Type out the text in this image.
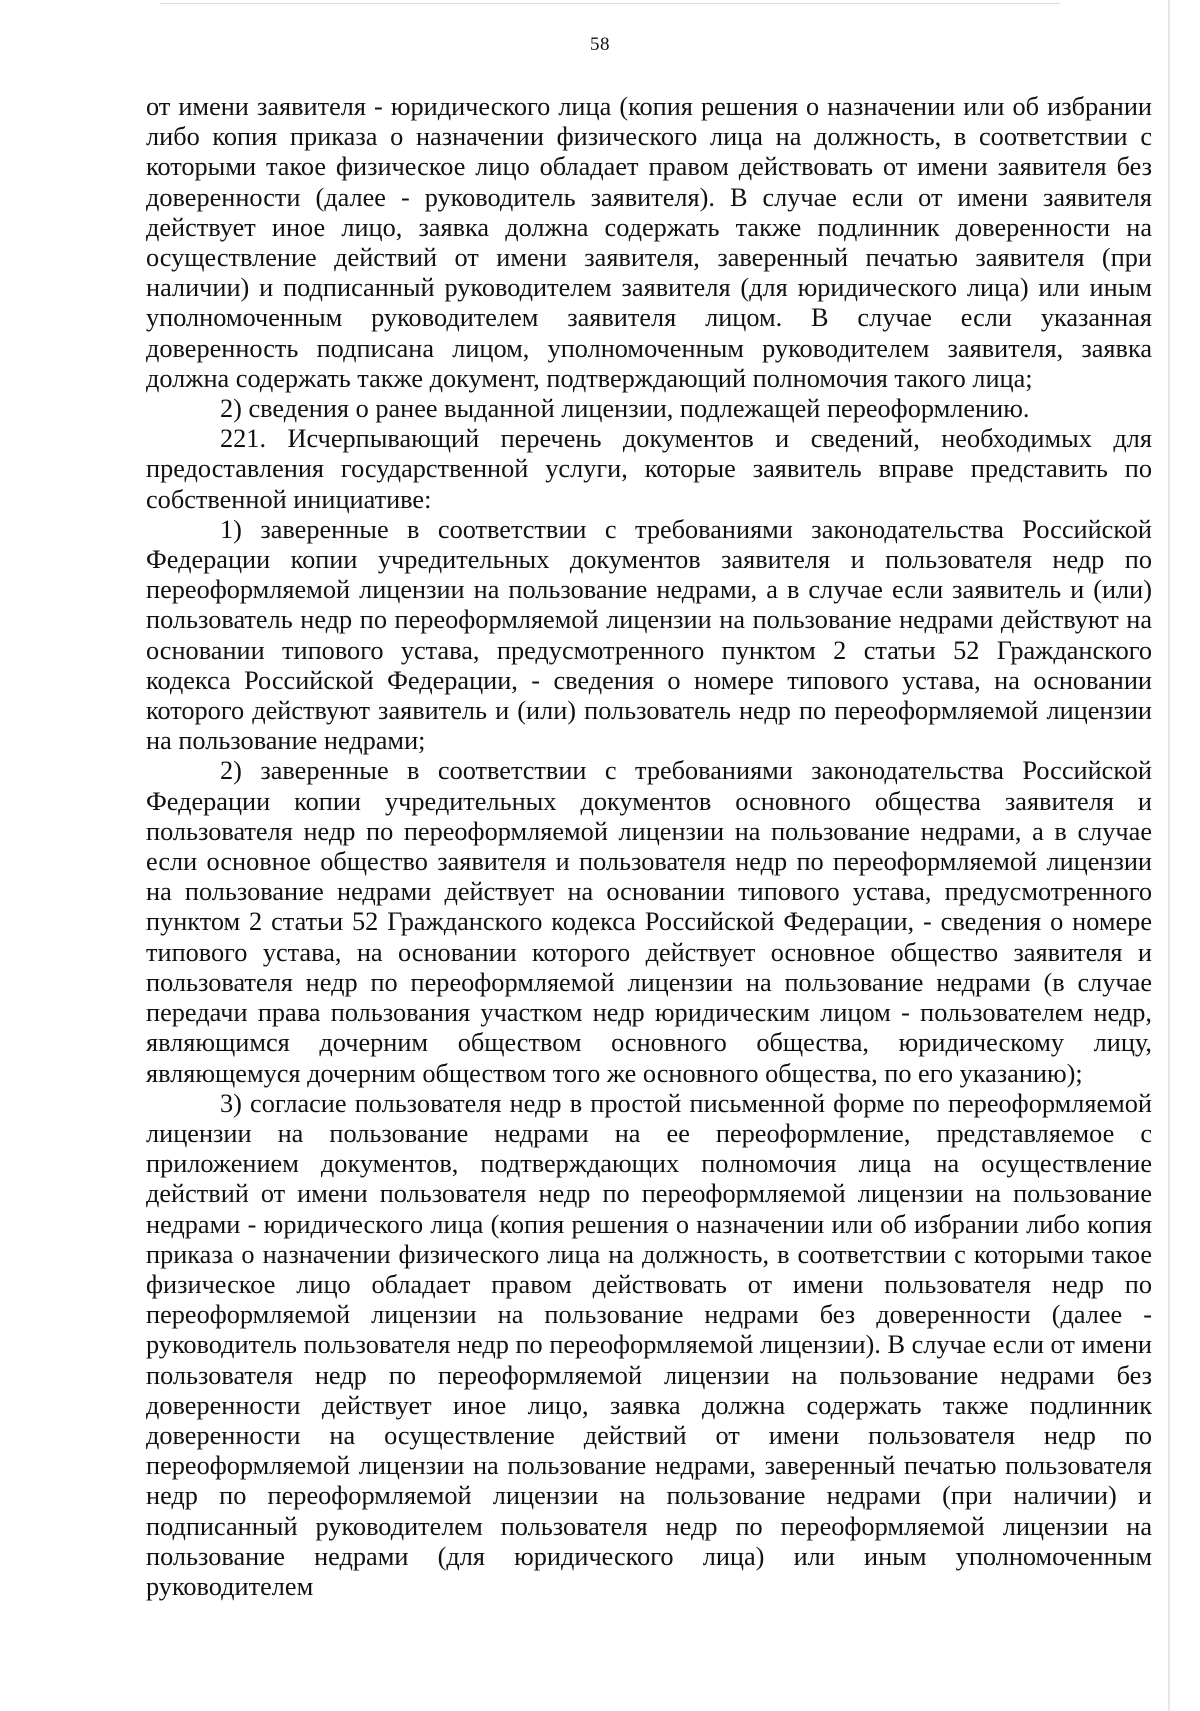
58

от имени заявителя - юридического лица (копия решения о назначении или об избрании либо копия приказа о назначении физического лица на должность, в соответствии с которыми такое физическое лицо обладает правом действовать от имени заявителя без доверенности (далее - руководитель заявителя). В случае если от имени заявителя действует иное лицо, заявка должна содержать также подлинник доверенности на осуществление действий от имени заявителя, заверенный печатью заявителя (при наличии) и подписанный руководителем заявителя (для юридического лица) или иным уполномоченным руководителем заявителя лицом. В случае если указанная доверенность подписана лицом, уполномоченным руководителем заявителя, заявка должна содержать также документ, подтверждающий полномочия такого лица;

2) сведения о ранее выданной лицензии, подлежащей переоформлению.

221. Исчерпывающий перечень документов и сведений, необходимых для предоставления государственной услуги, которые заявитель вправе представить по собственной инициативе:

1) заверенные в соответствии с требованиями законодательства Российской Федерации копии учредительных документов заявителя и пользователя недр по переоформляемой лицензии на пользование недрами, а в случае если заявитель и (или) пользователь недр по переоформляемой лицензии на пользование недрами действуют на основании типового устава, предусмотренного пунктом 2 статьи 52 Гражданского кодекса Российской Федерации, - сведения о номере типового устава, на основании которого действуют заявитель и (или) пользователь недр по переоформляемой лицензии на пользование недрами;

2) заверенные в соответствии с требованиями законодательства Российской Федерации копии учредительных документов основного общества заявителя и пользователя недр по переоформляемой лицензии на пользование недрами, а в случае если основное общество заявителя и пользователя недр по переоформляемой лицензии на пользование недрами действует на основании типового устава, предусмотренного пунктом 2 статьи 52 Гражданского кодекса Российской Федерации, - сведения о номере типового устава, на основании которого действует основное общество заявителя и пользователя недр по переоформляемой лицензии на пользование недрами (в случае передачи права пользования участком недр юридическим лицом - пользователем недр, являющимся дочерним обществом основного общества, юридическому лицу, являющемуся дочерним обществом того же основного общества, по его указанию);

3) согласие пользователя недр в простой письменной форме по переоформляемой лицензии на пользование недрами на ее переоформление, представляемое с приложением документов, подтверждающих полномочия лица на осуществление действий от имени пользователя недр по переоформляемой лицензии на пользование недрами - юридического лица (копия решения о назначении или об избрании либо копия приказа о назначении физического лица на должность, в соответствии с которыми такое физическое лицо обладает правом действовать от имени пользователя недр по переоформляемой лицензии на пользование недрами без доверенности (далее - руководитель пользователя недр по переоформляемой лицензии). В случае если от имени пользователя недр по переоформляемой лицензии на пользование недрами без доверенности действует иное лицо, заявка должна содержать также подлинник доверенности на осуществление действий от имени пользователя недр по переоформляемой лицензии на пользование недрами, заверенный печатью пользователя недр по переоформляемой лицензии на пользование недрами (при наличии) и подписанный руководителем пользователя недр по переоформляемой лицензии на пользование недрами (для юридического лица) или иным уполномоченным руководителем
